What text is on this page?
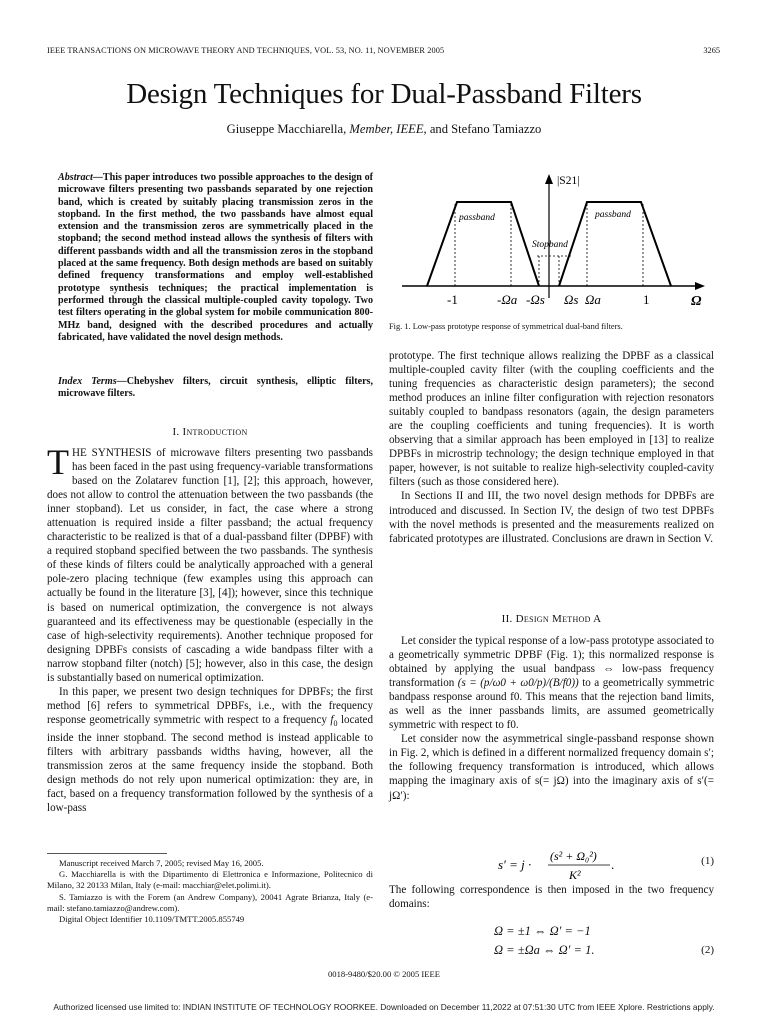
IEEE TRANSACTIONS ON MICROWAVE THEORY AND TECHNIQUES, VOL. 53, NO. 11, NOVEMBER 2005	3265
Design Techniques for Dual-Passband Filters
Giuseppe Macchiarella, Member, IEEE, and Stefano Tamiazzo
Abstract—This paper introduces two possible approaches to the design of microwave filters presenting two passbands separated by one rejection band, which is created by suitably placing transmission zeros in the stopband. In the first method, the two passbands have almost equal extension and the transmission zeros are symmetrically placed in the stopband; the second method instead allows the synthesis of filters with different passbands width and all the transmission zeros in the stopband placed at the same frequency. Both design methods are based on suitably defined frequency transformations and employ well-established prototype synthesis techniques; the practical implementation is performed through the classical multiple-coupled cavity topology. Two test filters operating in the global system for mobile communication 800-MHz band, designed with the described procedures and actually fabricated, have validated the novel design methods.
Index Terms—Chebyshev filters, circuit synthesis, elliptic filters, microwave filters.
I. Introduction

THE SYNTHESIS of microwave filters presenting two passbands has been faced in the past using frequency-variable transformations based on the Zolatarev function [1], [2]; this approach, however, does not allow to control the attenuation between the two passbands (the inner stopband). Let us consider, in fact, the case where a strong attenuation is required inside a filter passband; the actual frequency characteristic to be realized is that of a dual-passband filter (DPBF) with a required stopband specified between the two passbands. The synthesis of these kinds of filters could be analytically approached with a general pole-zero placing technique (few examples using this approach can actually be found in the literature [3], [4]); however, since this technique is based on numerical optimization, the convergence is not always guaranteed and its effectiveness may be questionable (especially in the case of high-selectivity requirements). Another technique proposed for designing DPBFs consists of cascading a wide bandpass filter with a narrow stopband filter (notch) [5]; however, also in this case, the design is substantially based on numerical optimization.

In this paper, we present two design techniques for DPBFs; the first method [6] refers to symmetrical DPBFs, i.e., with the frequency response geometrically symmetric with respect to a frequency $f_0$ located inside the inner stopband. The second method is instead applicable to filters with arbitrary passbands widths having, however, all the transmission zeros at the same frequency inside the stopband. Both design methods do not rely upon numerical optimization: they are, in fact, based on a frequency transformation followed by the synthesis of a low-pass

Manuscript received March 7, 2005; revised May 16, 2005.

G. Macchiarella is with the Dipartimento di Elettronica e Informazione, Politecnico di Milano, 32 20133 Milan, Italy (e-mail: macchiar@elet.polimi.it).

S. Tamiazzo is with the Forem (an Andrew Company), 20041 Agrate Brianza, Italy (e-mail: stefano.tamiazzo@andrew.com).

Digital Object Identifier 10.1109/TMTT.2005.855749

|S21|
passband	passband
Stopband
-1	-Ωa -Ωs Ωs Ωa	1	Ω
Fig. 1. Low-pass prototype response of symmetrical dual-band filters.

prototype. The first technique allows realizing the DPBF as a classical multiple-coupled cavity filter (with the coupling coefficients and the tuning frequencies as characteristic design parameters); the second method produces an inline filter configuration with rejection resonators suitably coupled to bandpass resonators (again, the design parameters are the coupling coefficients and tuning frequencies). It is worth observing that a similar approach has been employed in [13] to realize DPBFs in microstrip technology; the design technique employed in that paper, however, is not suitable to realize high-selectivity coupled-cavity filters (such as those considered here).

In Sections II and III, the two novel design methods for DPBFs are introduced and discussed. In Section IV, the design of two test DPBFs with the novel methods is presented and the measurements realized on fabricated prototypes are illustrated. Conclusions are drawn in Section V.

II. Design Method A

Let consider the typical response of a low-pass prototype associated to a geometrically symmetric DPBF (Fig. 1); this normalized response is obtained by applying the usual bandpass ⇔ low-pass frequency transformation (s = (p/ω0 + ω0/p)/(B/f0)) to a geometrically symmetric bandpass response around f0. This means that the rejection band limits, as well as the inner passbands limits, are assumed geometrically symmetric with respect to f0.

Let consider now the asymmetrical single-passband response shown in Fig. 2, which is defined in a different normalized frequency domain s′; the following frequency transformation is introduced, which allows mapping the imaginary axis of s(= jΩ) into the imaginary axis of s′(= jΩ′):

s′ = j ·
(s² + Ω₀²)
K²
.	(1)

The following correspondence is then imposed in the two frequency domains:

Ω = ±1 ⇔ Ω′ = −1
Ω = ±Ωa ⇔ Ω′ = 1.	(2)
0018-9480/$20.00 © 2005 IEEE
Authorized licensed use limited to: INDIAN INSTITUTE OF TECHNOLOGY ROORKEE. Downloaded on December 11,2022 at 07:51:30 UTC from IEEE Xplore. Restrictions apply.
